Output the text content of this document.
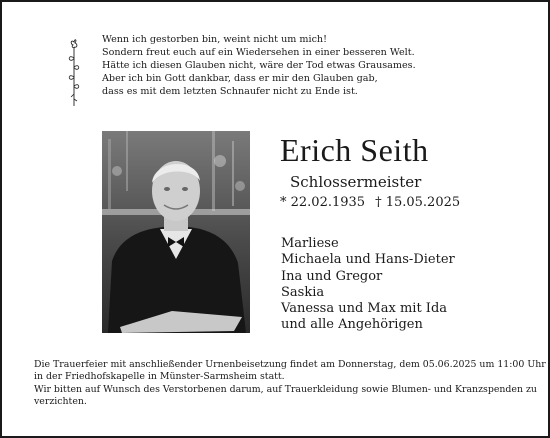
Wenn ich gestorben bin, weint nicht um mich!
Sondern freut euch auf ein Wiedersehen in einer besseren Welt.
Hätte ich diesen Glauben nicht, wäre der Tod etwas Grausames.
Aber ich bin Gott dankbar, dass er mir den Glauben gab,
dass es mit dem letzten Schnaufer nicht zu Ende ist.
Erich Seith
Schlossermeister
* 22.02.1935 † 15.05.2025
Marliese
Michaela und Hans-Dieter
Ina und Gregor
Saskia
Vanessa und Max mit Ida
und alle Angehörigen
Die Trauerfeier mit anschließender Urnenbeisetzung findet am Donnerstag, dem 05.06.2025 um 11:00 Uhr
in der Friedhofskapelle in Münster-Sarmsheim statt.
Wir bitten auf Wunsch des Verstorbenen darum, auf Trauerkleidung sowie Blumen- und Kranzspenden zu
verzichten.
